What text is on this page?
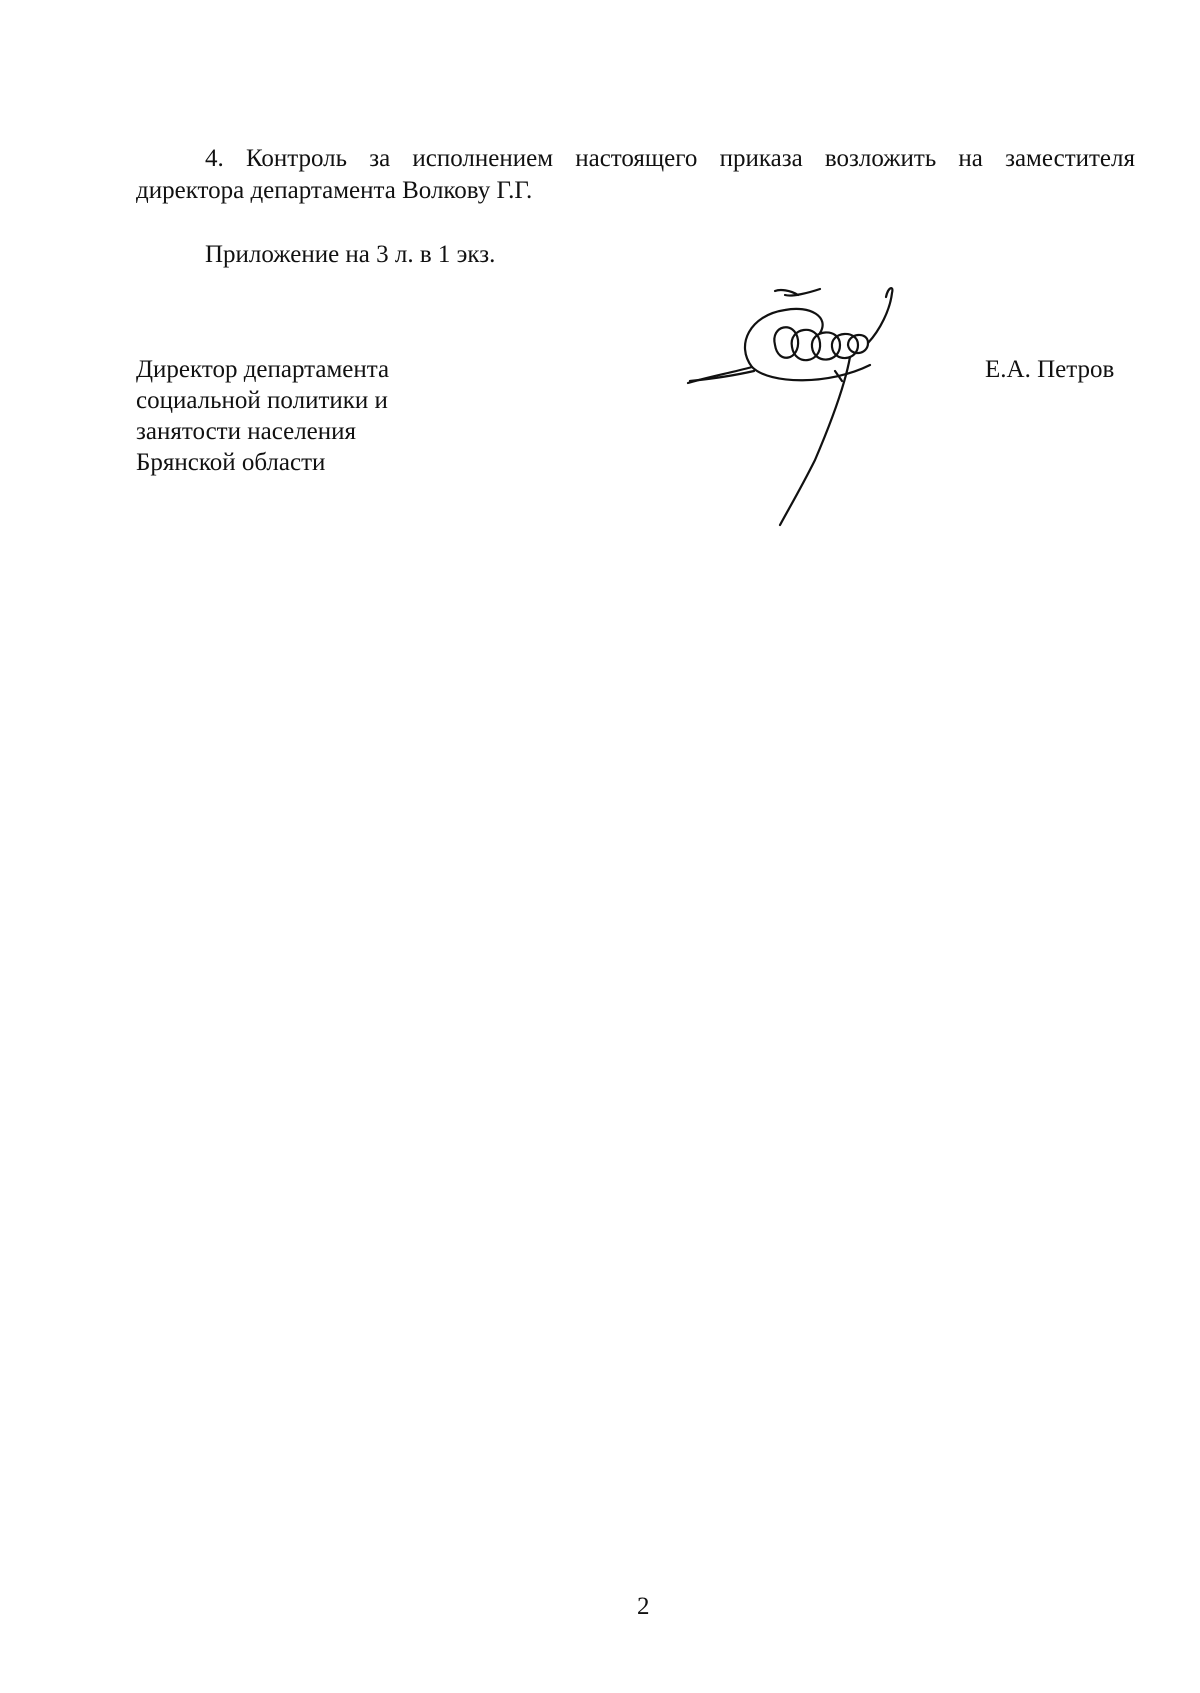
4. Контроль за исполнением настоящего приказа возложить на заместителя
директора департамента Волкову Г.Г.
Приложение на 3 л. в 1 экз.
Директор департамента
социальной политики и
занятости населения
Брянской области
Е.А. Петров
2
